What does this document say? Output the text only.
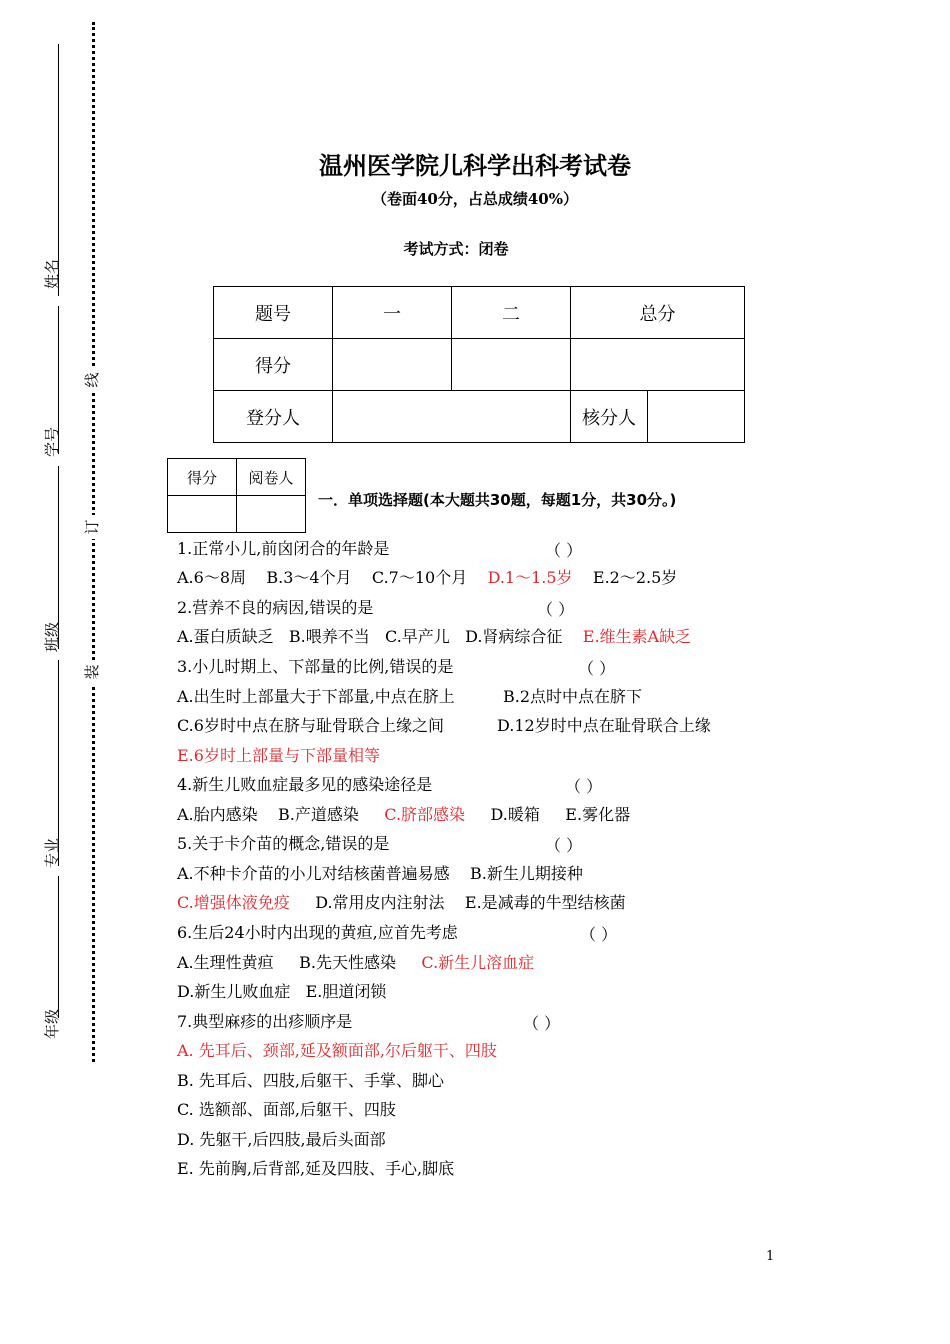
姓名
学号
班级
专业
年级
线
订
装
温州医学院儿科学出科考试卷
（卷面40分，占总成绩40%）
考试方式：闭卷
题号	一	二	总分	
得分				
登分人			核分人	
得分	阅卷人

一．单项选择题(本大题共30题，每题1分，共30分。)
1.正常小儿,前囟闭合的年龄是	（ ）
A.6～8周 B.3～4个月 C.7～10个月 D.1～1.5岁 E.2～2.5岁
2.营养不良的病因,错误的是	（ ）
A.蛋白质缺乏 B.喂养不当 C.早产儿 D.肾病综合征 E.维生素A缺乏
3.小儿时期上、下部量的比例,错误的是	（ ）
A.出生时上部量大于下部量,中点在脐上	B.2点时中点在脐下
C.6岁时中点在脐与耻骨联合上缘之间	D.12岁时中点在耻骨联合上缘
E.6岁时上部量与下部量相等
4.新生儿败血症最多见的感染途径是	（ ）
A.胎内感染 B.产道感染 C.脐部感染 D.暖箱 E.雾化器
5.关于卡介苗的概念,错误的是	（ ）
A.不种卡介苗的小儿对结核菌普遍易感 B.新生儿期接种
C.增强体液免疫 D.常用皮内注射法 E.是减毒的牛型结核菌
6.生后24小时内出现的黄疸,应首先考虑	（ ）
A.生理性黄疸 B.先天性感染 C.新生儿溶血症
D.新生儿败血症 E.胆道闭锁
7.典型麻疹的出疹顺序是	（ ）
A. 先耳后、颈部,延及额面部,尔后躯干、四肢
B. 先耳后、四肢,后躯干、手掌、脚心
C. 选额部、面部,后躯干、四肢
D. 先躯干,后四肢,最后头面部
E. 先前胸,后背部,延及四肢、手心,脚底
1
